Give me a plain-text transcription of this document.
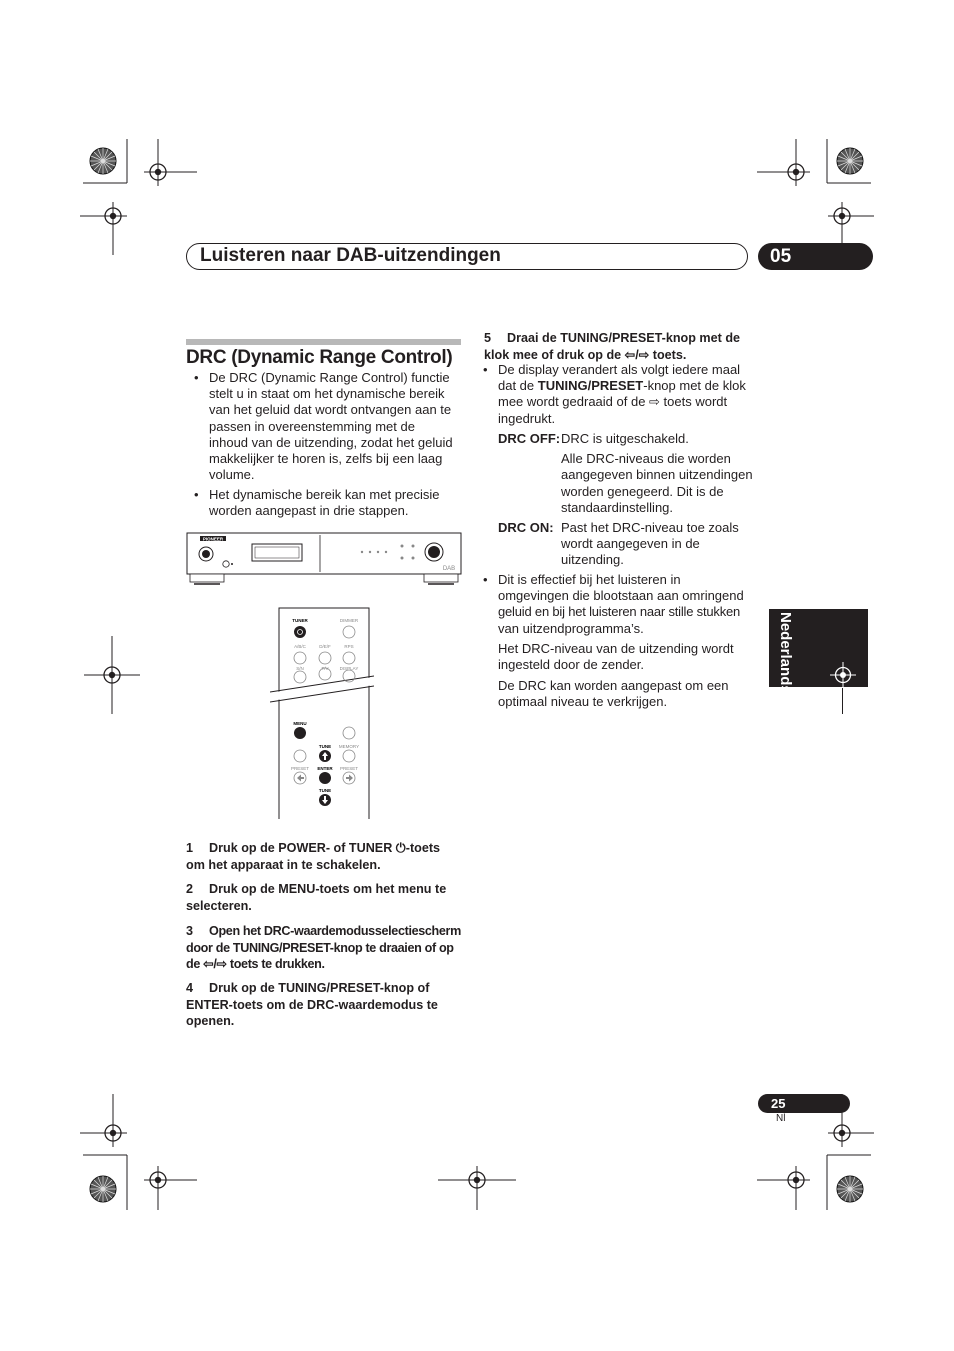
Luisteren naar DAB-uitzendingen	05
DRC (Dynamic Range Control)
• De DRC (Dynamic Range Control) functie
stelt u in staat om het dynamische bereik
van het geluid dat wordt ontvangen aan te
passen in overeenstemming met de
inhoud van de uitzending, zodat het geluid
makkelijker te horen is, zelfs bij een laag
volume.
• Het dynamische bereik kan met precisie
worden aangepast in drie stappen.
PIONEER
DAB
TUNER	DIMMER
A/B/C	D/E/F	RPS
S/N	T/V DISPLAY
MENU
TUNE MEMORY
PRESET ENTER PRESET
TUNE
1 Druk op de POWER- of TUNER ⏻-toets
om het apparaat in te schakelen.
2 Druk op de MENU-toets om het menu te
selecteren.
3 Open het DRC-waardemodusselectiescherm
door de TUNING/PRESET-knop te draaien of op
de ⇦/⇨ toets te drukken.
4 Druk op de TUNING/PRESET-knop of
ENTER-toets om de DRC-waardemodus te
openen.
5 Draai de TUNING/PRESET-knop met de
klok mee of druk op de ⇦/⇨ toets.
• De display verandert als volgt iedere maal
dat de TUNING/PRESET-knop met de klok
mee wordt gedraaid of de ⇨ toets wordt
ingedrukt.
DRC OFF: DRC is uitgeschakeld.
Alle DRC-niveaus die worden
aangegeven binnen uitzendingen
worden genegeerd. Dit is de
standaardinstelling.
DRC ON: Past het DRC-niveau toe zoals
wordt aangegeven in de
uitzending.
• Dit is effectief bij het luisteren in
omgevingen die blootstaan aan omringend
geluid en bij het luisteren naar stille stukken
van uitzendprogramma’s.
Het DRC-niveau van de uitzending wordt
ingesteld door de zender.
De DRC kan worden aangepast om een
optimaal niveau te verkrijgen.
Nederlands
25
Nl
